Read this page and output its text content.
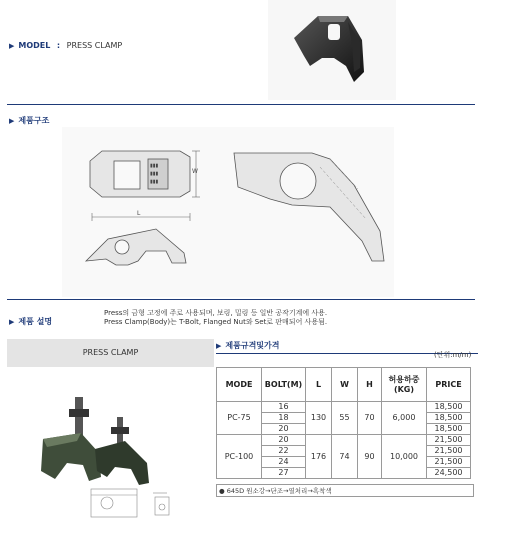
▶ MODEL : PRESS CLAMP
▶ 제품구조
▮▮▮
▮▮▮
▮▮▮
L
W
▶ 제품 설명
Press의 금형 고정에 주로 사용되며, 보링, 밀링 등 일반 공작기계에 사용.
Press Clamp(Body)는 T-Bolt, Flanged Nut와 Set로 판매되어 사용됨.
PRESS CLAMP
▶ 제품규격및가격
(단위:m/m)
MODE	BOLT(M)	L	W	H	허용하중 (KG)	PRICE
PC-75	16	130	55	70	6,000	18,500
	18					18,500
	20					18,500
PC-100	20	176	74	90	10,000	21,500
	22					21,500
	24					21,500
	27					24,500
● 645D 원소강→단조→열처리→흑착색
